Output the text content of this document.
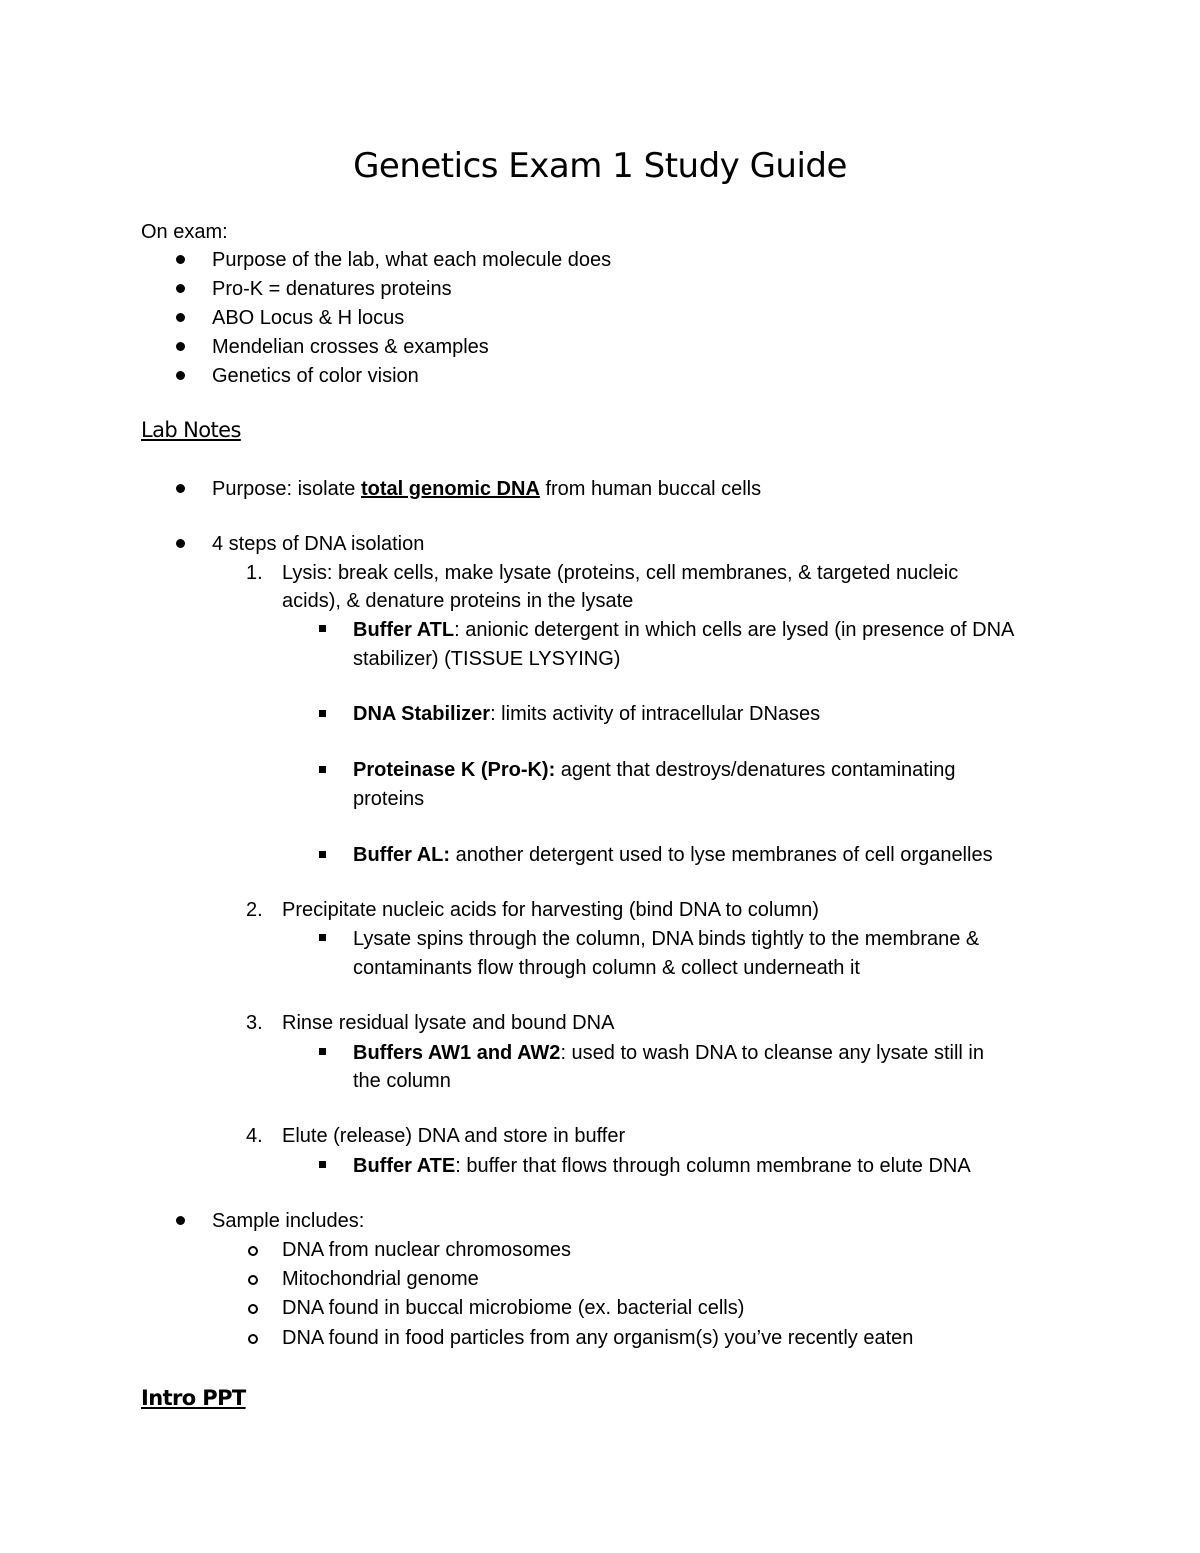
Genetics Exam 1 Study Guide
On exam:
Purpose of the lab, what each molecule does
Pro-K = denatures proteins
ABO Locus & H locus
Mendelian crosses & examples
Genetics of color vision
Lab Notes
Purpose: isolate total genomic DNA from human buccal cells
4 steps of DNA isolation
1. Lysis: break cells, make lysate (proteins, cell membranes, & targeted nucleic
acids), & denature proteins in the lysate
Buffer ATL: anionic detergent in which cells are lysed (in presence of DNA
stabilizer) (TISSUE LYSYING)
DNA Stabilizer: limits activity of intracellular DNases
Proteinase K (Pro-K): agent that destroys/denatures contaminating
proteins
Buffer AL: another detergent used to lyse membranes of cell organelles
2. Precipitate nucleic acids for harvesting (bind DNA to column)
Lysate spins through the column, DNA binds tightly to the membrane &
contaminants flow through column & collect underneath it
3. Rinse residual lysate and bound DNA
Buffers AW1 and AW2: used to wash DNA to cleanse any lysate still in
the column
4. Elute (release) DNA and store in buffer
Buffer ATE: buffer that flows through column membrane to elute DNA
Sample includes:
DNA from nuclear chromosomes
Mitochondrial genome
DNA found in buccal microbiome (ex. bacterial cells)
DNA found in food particles from any organism(s) you’ve recently eaten
Intro PPT
